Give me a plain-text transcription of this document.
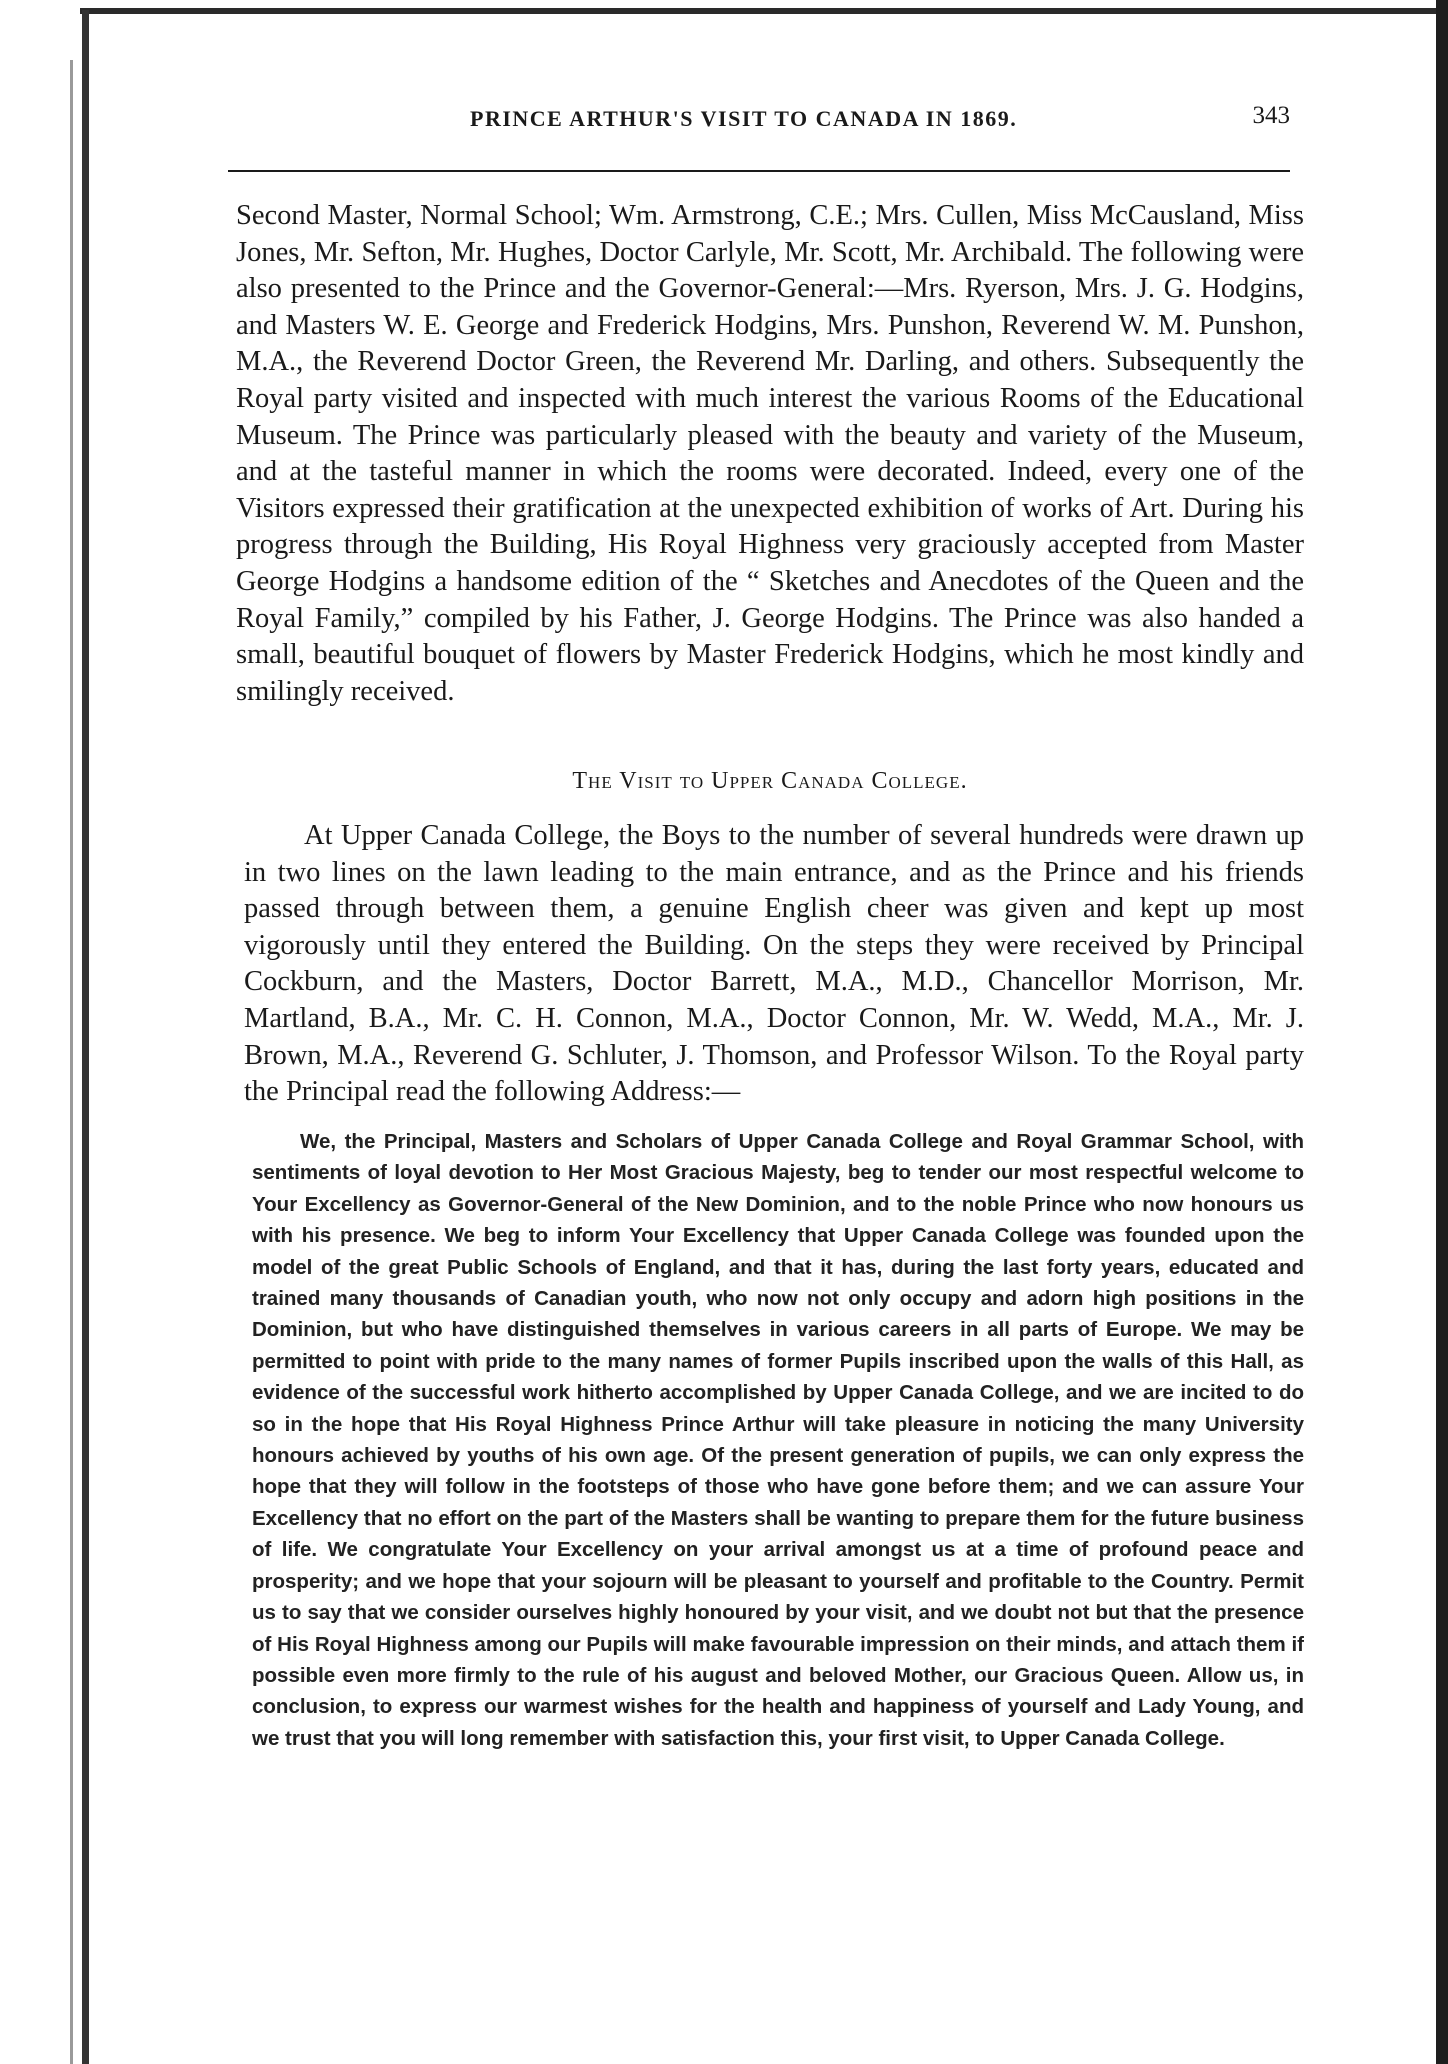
PRINCE ARTHUR'S VISIT TO CANADA IN 1869.	343

Second Master, Normal School; Wm. Armstrong, C.E.; Mrs. Cullen, Miss McCausland, Miss Jones, Mr. Sefton, Mr. Hughes, Doctor Carlyle, Mr. Scott, Mr. Archibald. The following were also presented to the Prince and the Governor-General:—Mrs. Ryerson, Mrs. J. G. Hodgins, and Masters W. E. George and Frederick Hodgins, Mrs. Punshon, Reverend W. M. Punshon, M.A., the Reverend Doctor Green, the Reverend Mr. Darling, and others. Subsequently the Royal party visited and inspected with much interest the various Rooms of the Educational Museum. The Prince was particularly pleased with the beauty and variety of the Museum, and at the tasteful manner in which the rooms were decorated. Indeed, every one of the Visitors expressed their gratification at the unexpected exhibition of works of Art. During his progress through the Building, His Royal Highness very graciously accepted from Master George Hodgins a handsome edition of the “ Sketches and Anecdotes of the Queen and the Royal Family,” compiled by his Father, J. George Hodgins. The Prince was also handed a small, beautiful bouquet of flowers by Master Frederick Hodgins, which he most kindly and smilingly received.

The Visit to Upper Canada College.

At Upper Canada College, the Boys to the number of several hundreds were drawn up in two lines on the lawn leading to the main entrance, and as the Prince and his friends passed through between them, a genuine English cheer was given and kept up most vigorously until they entered the Building. On the steps they were received by Principal Cockburn, and the Masters, Doctor Barrett, M.A., M.D., Chancellor Morrison, Mr. Martland, B.A., Mr. C. H. Connon, M.A., Doctor Connon, Mr. W. Wedd, M.A., Mr. J. Brown, M.A., Reverend G. Schluter, J. Thomson, and Professor Wilson. To the Royal party the Principal read the following Address:—

We, the Principal, Masters and Scholars of Upper Canada College and Royal Grammar School, with sentiments of loyal devotion to Her Most Gracious Majesty, beg to tender our most respectful welcome to Your Excellency as Governor-General of the New Dominion, and to the noble Prince who now honours us with his presence. We beg to inform Your Excellency that Upper Canada College was founded upon the model of the great Public Schools of England, and that it has, during the last forty years, educated and trained many thousands of Canadian youth, who now not only occupy and adorn high positions in the Dominion, but who have distinguished themselves in various careers in all parts of Europe. We may be permitted to point with pride to the many names of former Pupils inscribed upon the walls of this Hall, as evidence of the successful work hitherto accomplished by Upper Canada College, and we are incited to do so in the hope that His Royal Highness Prince Arthur will take pleasure in noticing the many University honours achieved by youths of his own age. Of the present generation of pupils, we can only express the hope that they will follow in the footsteps of those who have gone before them; and we can assure Your Excellency that no effort on the part of the Masters shall be wanting to prepare them for the future business of life. We congratulate Your Excellency on your arrival amongst us at a time of profound peace and prosperity; and we hope that your sojourn will be pleasant to yourself and profitable to the Country. Permit us to say that we consider ourselves highly honoured by your visit, and we doubt not but that the presence of His Royal Highness among our Pupils will make favourable impression on their minds, and attach them if possible even more firmly to the rule of his august and beloved Mother, our Gracious Queen. Allow us, in conclusion, to express our warmest wishes for the health and happiness of yourself and Lady Young, and we trust that you will long remember with satisfaction this, your first visit, to Upper Canada College.
